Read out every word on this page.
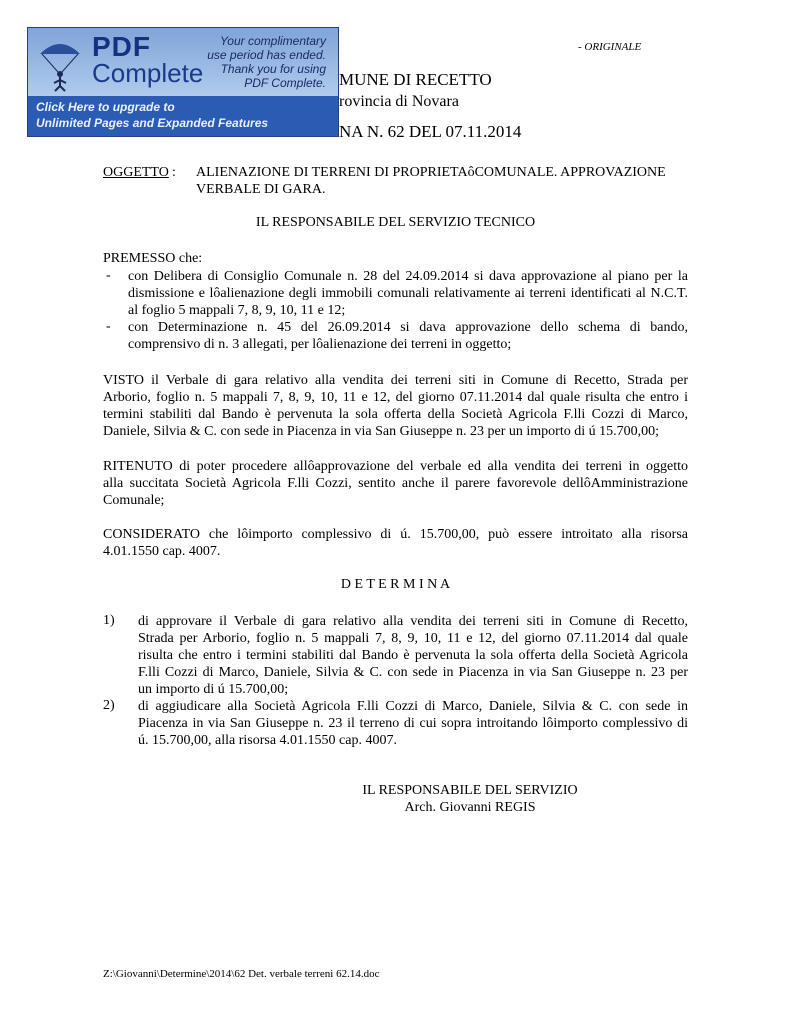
PDF
Complete
Your complimentary
use period has ended.
Thank you for using
PDF Complete.
Click Here to upgrade to
Unlimited Pages and Expanded Features
- ORIGINALE
MUNE DI RECETTO
rovincia di Novara
NA N. 62 DEL 07.11.2014
OGGETTO : ALIENAZIONE DI TERRENI DI PROPRIETAôCOMUNALE. APPROVAZIONE
VERBALE DI GARA.
IL RESPONSABILE DEL SERVIZIO TECNICO
PREMESSO che:
- con Delibera di Consiglio Comunale n. 28 del 24.09.2014 si dava approvazione al piano per la
dismissione e lôalienazione degli immobili comunali relativamente ai terreni identificati al N.C.T.
al foglio 5 mappali 7, 8, 9, 10, 11 e 12;
- con Determinazione n. 45 del 26.09.2014 si dava approvazione dello schema di bando,
comprensivo di n. 3 allegati, per lôalienazione dei terreni in oggetto;
VISTO il Verbale di gara relativo alla vendita dei terreni siti in Comune di Recetto, Strada per
Arborio, foglio n. 5 mappali 7, 8, 9, 10, 11 e 12, del giorno 07.11.2014 dal quale risulta che entro i
termini stabiliti dal Bando è pervenuta la sola offerta della Società Agricola F.lli Cozzi di Marco,
Daniele, Silvia & C. con sede in Piacenza in via San Giuseppe n. 23 per un importo di ú 15.700,00;
RITENUTO di poter procedere allôapprovazione del verbale ed alla vendita dei terreni in oggetto
alla succitata Società Agricola F.lli Cozzi, sentito anche il parere favorevole dellôAmministrazione
Comunale;
CONSIDERATO che lôimporto complessivo di ú. 15.700,00, può essere introitato alla risorsa
4.01.1550 cap. 4007.
D E T E R M I N A
1) di approvare il Verbale di gara relativo alla vendita dei terreni siti in Comune di Recetto,
Strada per Arborio, foglio n. 5 mappali 7, 8, 9, 10, 11 e 12, del giorno 07.11.2014 dal quale
risulta che entro i termini stabiliti dal Bando è pervenuta la sola offerta della Società Agricola
F.lli Cozzi di Marco, Daniele, Silvia & C. con sede in Piacenza in via San Giuseppe n. 23 per
un importo di ú 15.700,00;
2) di aggiudicare alla Società Agricola F.lli Cozzi di Marco, Daniele, Silvia & C. con sede in
Piacenza in via San Giuseppe n. 23 il terreno di cui sopra introitando lôimporto complessivo di
ú. 15.700,00, alla risorsa 4.01.1550 cap. 4007.
IL RESPONSABILE DEL SERVIZIO
Arch. Giovanni REGIS
Z:\Giovanni\Determine\2014\62 Det. verbale terreni 62.14.doc
